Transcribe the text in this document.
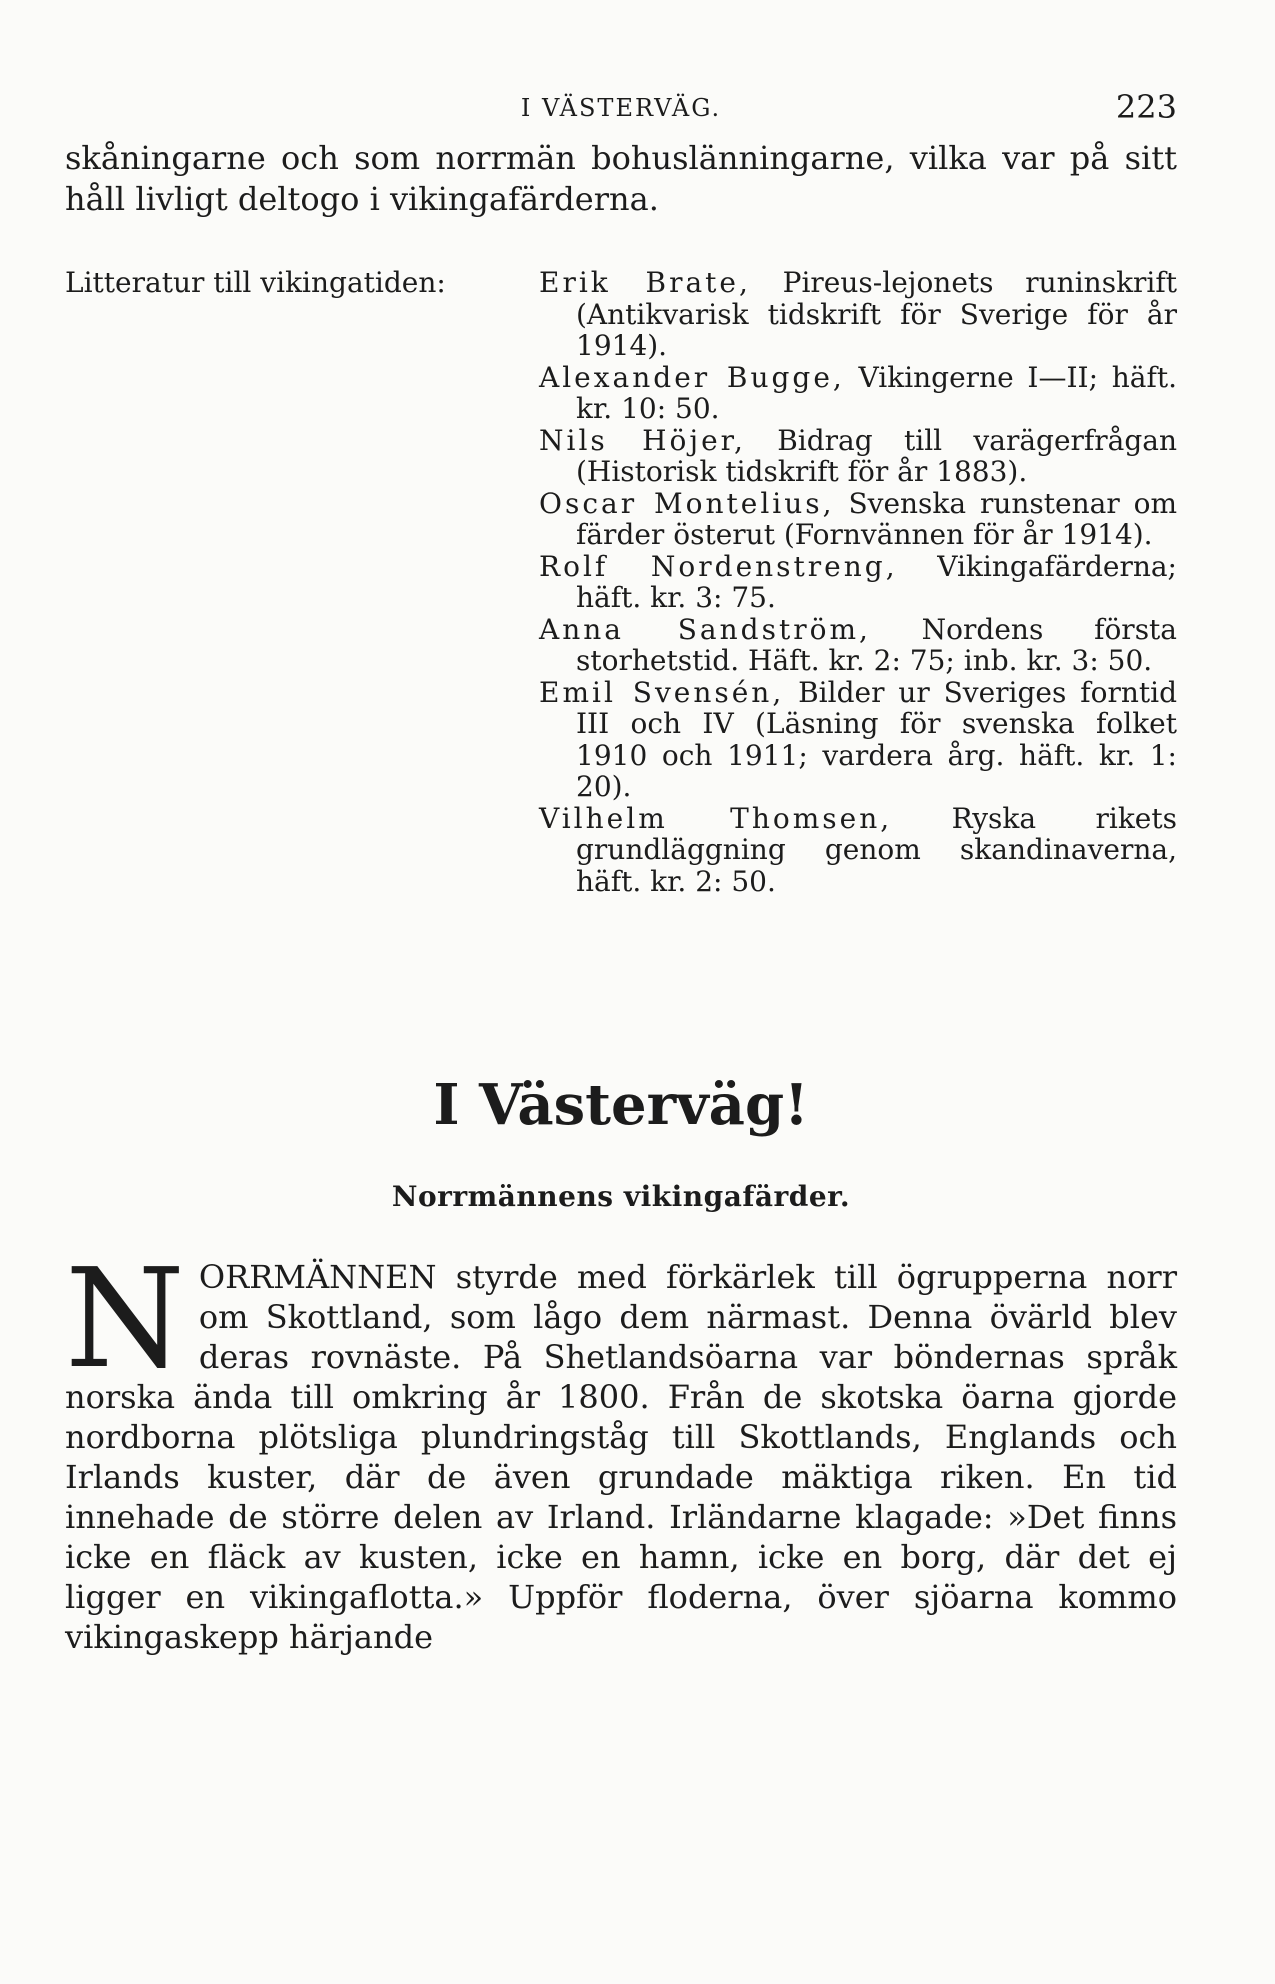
I VÄSTERVÄG.	223

skåningarne och som norrmän bohuslänningarne, vilka var på sitt håll livligt deltogo i vikingafärderna.

Litteratur till vikingatiden:	Erik Brate, Pireus-lejonets runinskrift (Antikvarisk tidskrift för Sverige för år 1914).
Alexander Bugge, Vikingerne I—II; häft. kr. 10: 50.
Nils Höjer, Bidrag till varägerfrågan (Historisk tidskrift för år 1883).
Oscar Montelius, Svenska runstenar om färder österut (Fornvännen för år 1914).
Rolf Nordenstreng, Vikingafärderna; häft. kr. 3: 75.
Anna Sandström, Nordens första storhetstid. Häft. kr. 2: 75; inb. kr. 3: 50.
Emil Svensén, Bilder ur Sveriges forntid III och IV (Läsning för svenska folket 1910 och 1911; vardera årg. häft. kr. 1: 20).
Vilhelm Thomsen, Ryska rikets grundläggning genom skandinaverna, häft. kr. 2: 50.
I Västerväg!
Norrmännens vikingafärder.
NORRMÄNNEN styrde med förkärlek till ögrupperna norr om Skottland, som lågo dem närmast. Denna övärld blev deras rovnäste. På Shetlandsöarna var böndernas språk norska ända till omkring år 1800. Från de skotska öarna gjorde nordborna plötsliga plundringståg till Skottlands, Englands och Irlands kuster, där de även grundade mäktiga riken. En tid innehade de större delen av Irland. Irländarne klagade: »Det finns icke en fläck av kusten, icke en hamn, icke en borg, där det ej ligger en vikingaflotta.» Uppför floderna, över sjöarna kommo vikingaskepp härjande
